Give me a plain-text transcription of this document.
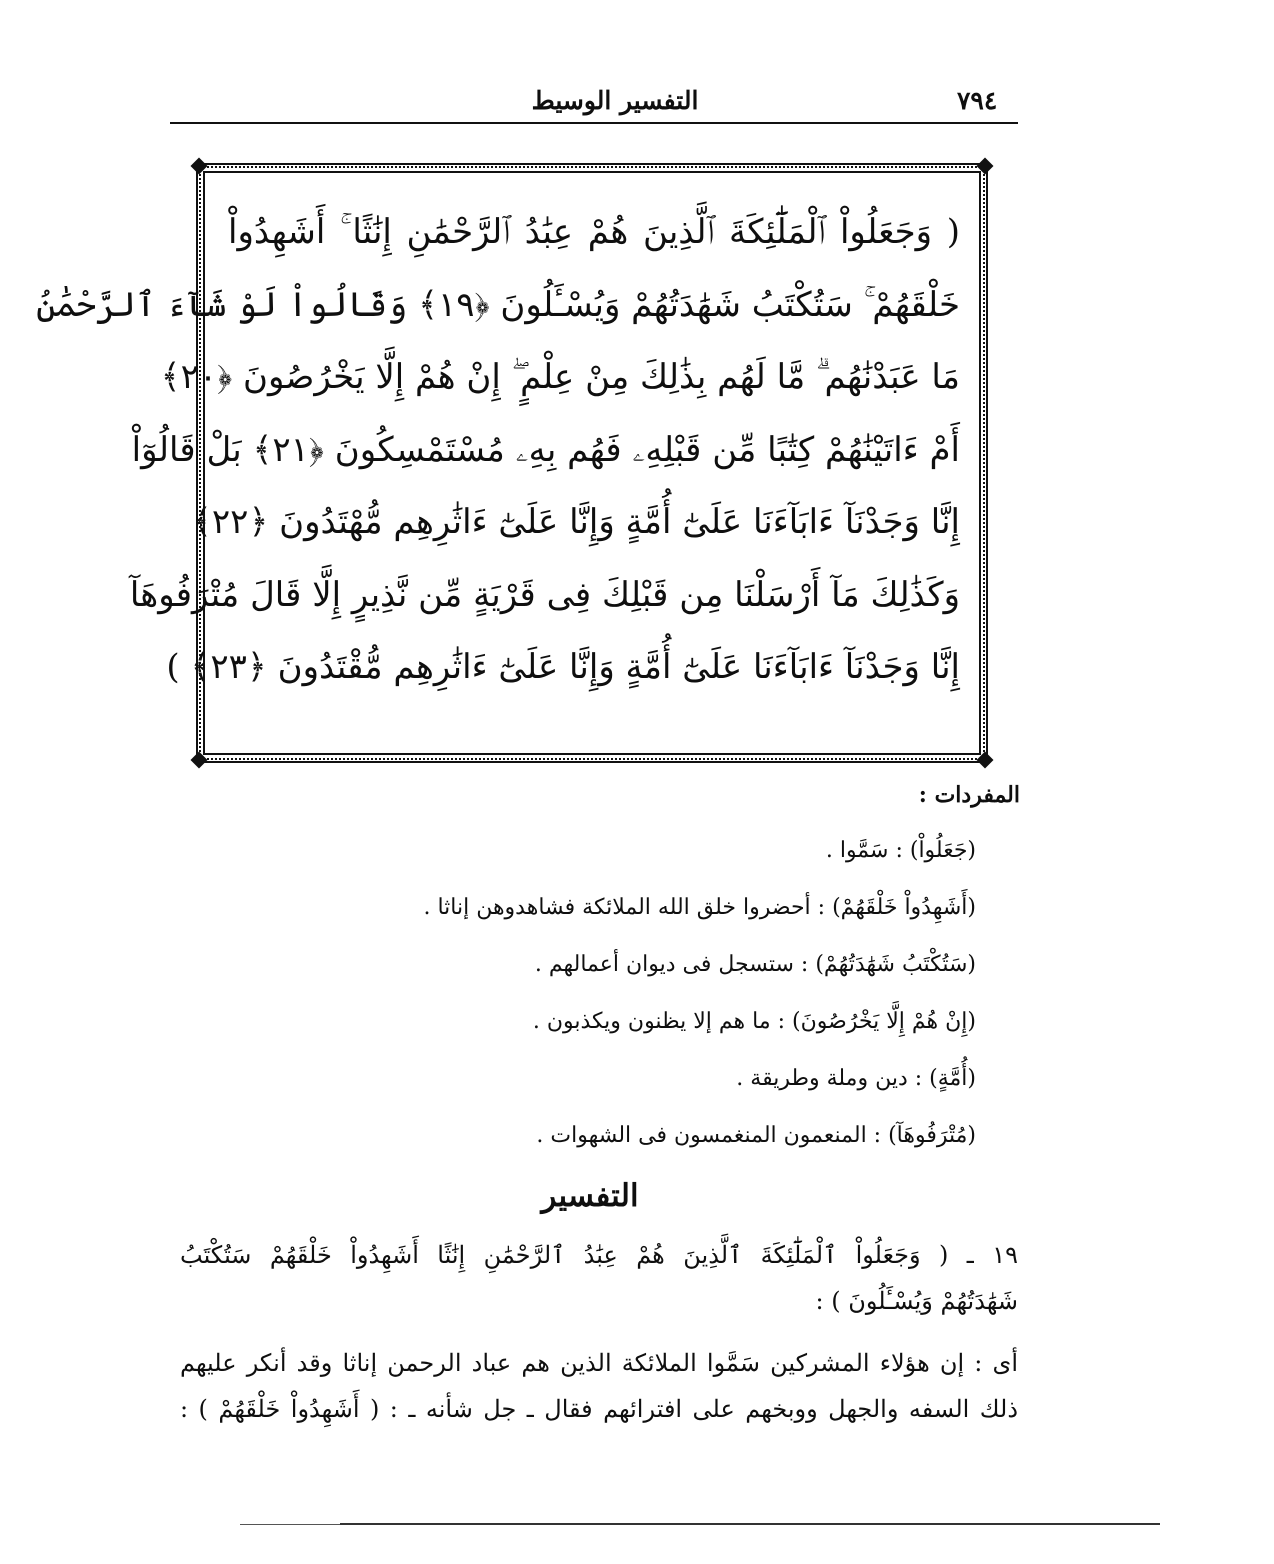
٧٩٤
التفسير الوسيط
( وَجَعَلُواْ ٱلْمَلَٰٓئِكَةَ ٱلَّذِينَ هُمْ عِبَٰدُ ٱلرَّحْمَٰنِ إِنَٰثًا ۚ أَشَهِدُواْ
خَلْقَهُمْ ۚ سَتُكْتَبُ شَهَٰدَتُهُمْ وَيُسْـَٔلُونَ ﴿١٩﴾ وَقَالُواْ لَوْ شَآءَ ٱلرَّحْمَٰنُ
مَا عَبَدْنَٰهُم ۗ مَّا لَهُم بِذَٰلِكَ مِنْ عِلْمٍ ۖ إِنْ هُمْ إِلَّا يَخْرُصُونَ ﴿٢٠﴾
أَمْ ءَاتَيْنَٰهُمْ كِتَٰبًا مِّن قَبْلِهِۦ فَهُم بِهِۦ مُسْتَمْسِكُونَ ﴿٢١﴾ بَلْ قَالُوٓاْ
إِنَّا وَجَدْنَآ ءَابَآءَنَا عَلَىٰٓ أُمَّةٍ وَإِنَّا عَلَىٰٓ ءَاثَٰرِهِم مُّهْتَدُونَ ﴿٢٢﴾
وَكَذَٰلِكَ مَآ أَرْسَلْنَا مِن قَبْلِكَ فِى قَرْيَةٍ مِّن نَّذِيرٍ إِلَّا قَالَ مُتْرَفُوهَآ
إِنَّا وَجَدْنَآ ءَابَآءَنَا عَلَىٰٓ أُمَّةٍ وَإِنَّا عَلَىٰٓ ءَاثَٰرِهِم مُّقْتَدُونَ ﴿٢٣﴾ )
المفردات :
(جَعَلُواْ) : سَمَّوا .
(أَشَهِدُواْ خَلْقَهُمْ) : أحضروا خلق الله الملائكة فشاهدوهن إناثا .
(سَتُكْتَبُ شَهَٰدَتُهُمْ) : ستسجل فى ديوان أعمالهم .
(إِنْ هُمْ إِلَّا يَخْرُصُونَ) : ما هم إلا يظنون ويكذبون .
(أُمَّةٍ) : دين وملة وطريقة .
(مُتْرَفُوهَآ) : المنعمون المنغمسون فى الشهوات .
التفسير
١٩ ـ ( وَجَعَلُواْ ٱلْمَلَٰٓئِكَةَ ٱلَّذِينَ هُمْ عِبَٰدُ ٱلرَّحْمَٰنِ إِنَٰثًا أَشَهِدُواْ خَلْقَهُمْ سَتُكْتَبُ
شَهَٰدَتُهُمْ وَيُسْـَٔلُونَ ) :
أى : إن هؤلاء المشركين سَمَّوا الملائكة الذين هم عباد الرحمن إناثا وقد أنكر عليهم
ذلك السفه والجهل ووبخهم على افترائهم فقال ـ جل شأنه ـ : ( أَشَهِدُواْ خَلْقَهُمْ ) :
